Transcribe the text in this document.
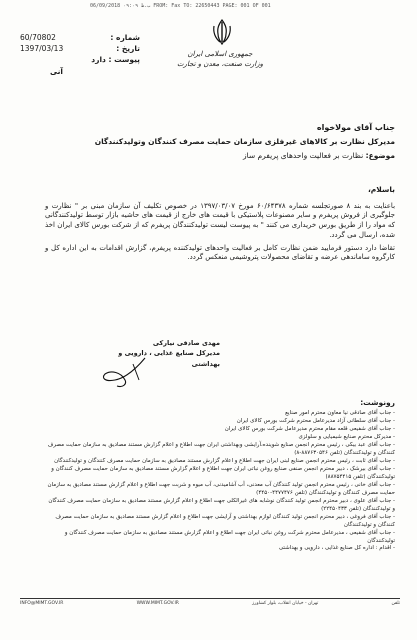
06/09/2018 ۰۹:۰۹ ب.ظ FROM: Fax TO: 22650443 PAGE: 001 OF 001
جمهوری اسلامی ایران
وزارت صنعت، معدن و تجارت
شماره :
60/70802
تاریخ :
1397/03/13
پیوست : دارد
آنی
جناب آقای مولاخواه
مدیرکل نظارت بر کالاهای غیرفلزی سازمان حمایت مصرف کنندگان وتولیدکنندگان
موضوع: نظارت بر فعالیت واحدهای پریفرم ساز
باسلام،
باعنایت به بند ۸ صورتجلسه شماره ۶۰/۶۴۳۷۸ مورخ ۱۳۹۷/۰۳/۰۷ در خصوص تکلیف آن سازمان مبنی بر " نظارت و جلوگیری از فروش پریفرم و سایر مصنوعات پلاستیکی با قیمت های خارج از قیمت های حاشیه بازار توسط تولیدکنندگانی که مواد را از طریق بورس خریداری می کنند " به پیوست لیست تولیدکنندگان پریفرم که از شرکت بورس کالای ایران اخذ شده، ارسال می گردد.
تقاضا دارد دستور فرمایید ضمن نظارت کامل بر فعالیت واحدهای تولیدکننده پریفرم، گزارش اقدامات به این اداره کل و کارگروه ساماندهی عرضه و تقاضای محصولات پتروشیمی منعکس گردد.
مهدی صادقی نیارکی
مدیرکل صنایع غذایی ، دارویی و بهداشتی
رونوشت:
- جناب آقای صادقی نیا معاون محترم امور صنایع
- جناب آقای سلطانی آزاد مدیرعامل محترم شرکت بورس کالای ایران
- جناب آقای شفیعی قلعه مقام محترم مدیرعامل شرکت بورس کالای ایران
- مدیرکل محترم صنایع شیمیایی و سلولزی
- جناب آقای عبد بیکی ، رئیس محترم انجمن صنایع شوینده،آرایشی وبهداشتی ایران جهت اطلاع و اعلام گزارش مستند مصادیق به سازمان حمایت مصرف کنندگان و تولیدکنندگان (تلفن ۸۸۷۶۳۰۵۴۶-۸)
- جناب آقای ثابت ، رئیس محترم انجمن صنایع لبنی ایران جهت اطلاع و اعلام گزارش مستند مصادیق به سازمان حمایت مصرف کنندگان و تولیدکنندگان
- جناب آقای بیرشک ، دبیر محترم انجمن صنفی صنایع روغن نباتی ایران جهت اطلاع و اعلام گزارش مستند مصادیق به سازمان حمایت مصرف کنندگان و تولیدکنندگان (تلفن ۸۸۷۵۴۴۱۵)
- جناب آقای خانی ، رئیس محترم انجمن تولید کنندگان آب معدنی، آب آشامیدنی، آب میوه و شربت جهت اطلاع و اعلام گزارش مستند مصادیق به سازمان حمایت مصرف کنندگان و تولیدکنندگان (تلفن ۴۴۷۷۴۷۶-۴۴۵۰)
- جناب آقای علوی ، دبیر محترم انجمن تولید کنندگان نوشابه های غیرالکلی جهت اطلاع و اعلام گزارش مستند مصادیق به سازمان حمایت مصرف کنندگان و تولیدکنندگان (تلفن ۲۲۴۵۰۴۳۳)
- جناب آقای فروغی ، دبیر محترم انجمن تولید کنندگان لوازم بهداشتی و آرایشی جهت اطلاع و اعلام گزارش مستند مصادیق به سازمان حمایت مصرف کنندگان و تولیدکنندگان
- جناب آقای شفیعی ، مدیرعامل محترم شرکت روغن نباتی ایران جهت اطلاع و اعلام گزارش مستند مصادیق به سازمان حمایت مصرف کنندگان و تولیدکنندگان
- اقدام : اداره کل صنایع غذایی ، دارویی و بهداشتی
INFO@MIMT.GOV.IR	WWW.MIMT.GOV.IR	تهران - خیابان انقلاب، بلوار کشاورز	تلفن
